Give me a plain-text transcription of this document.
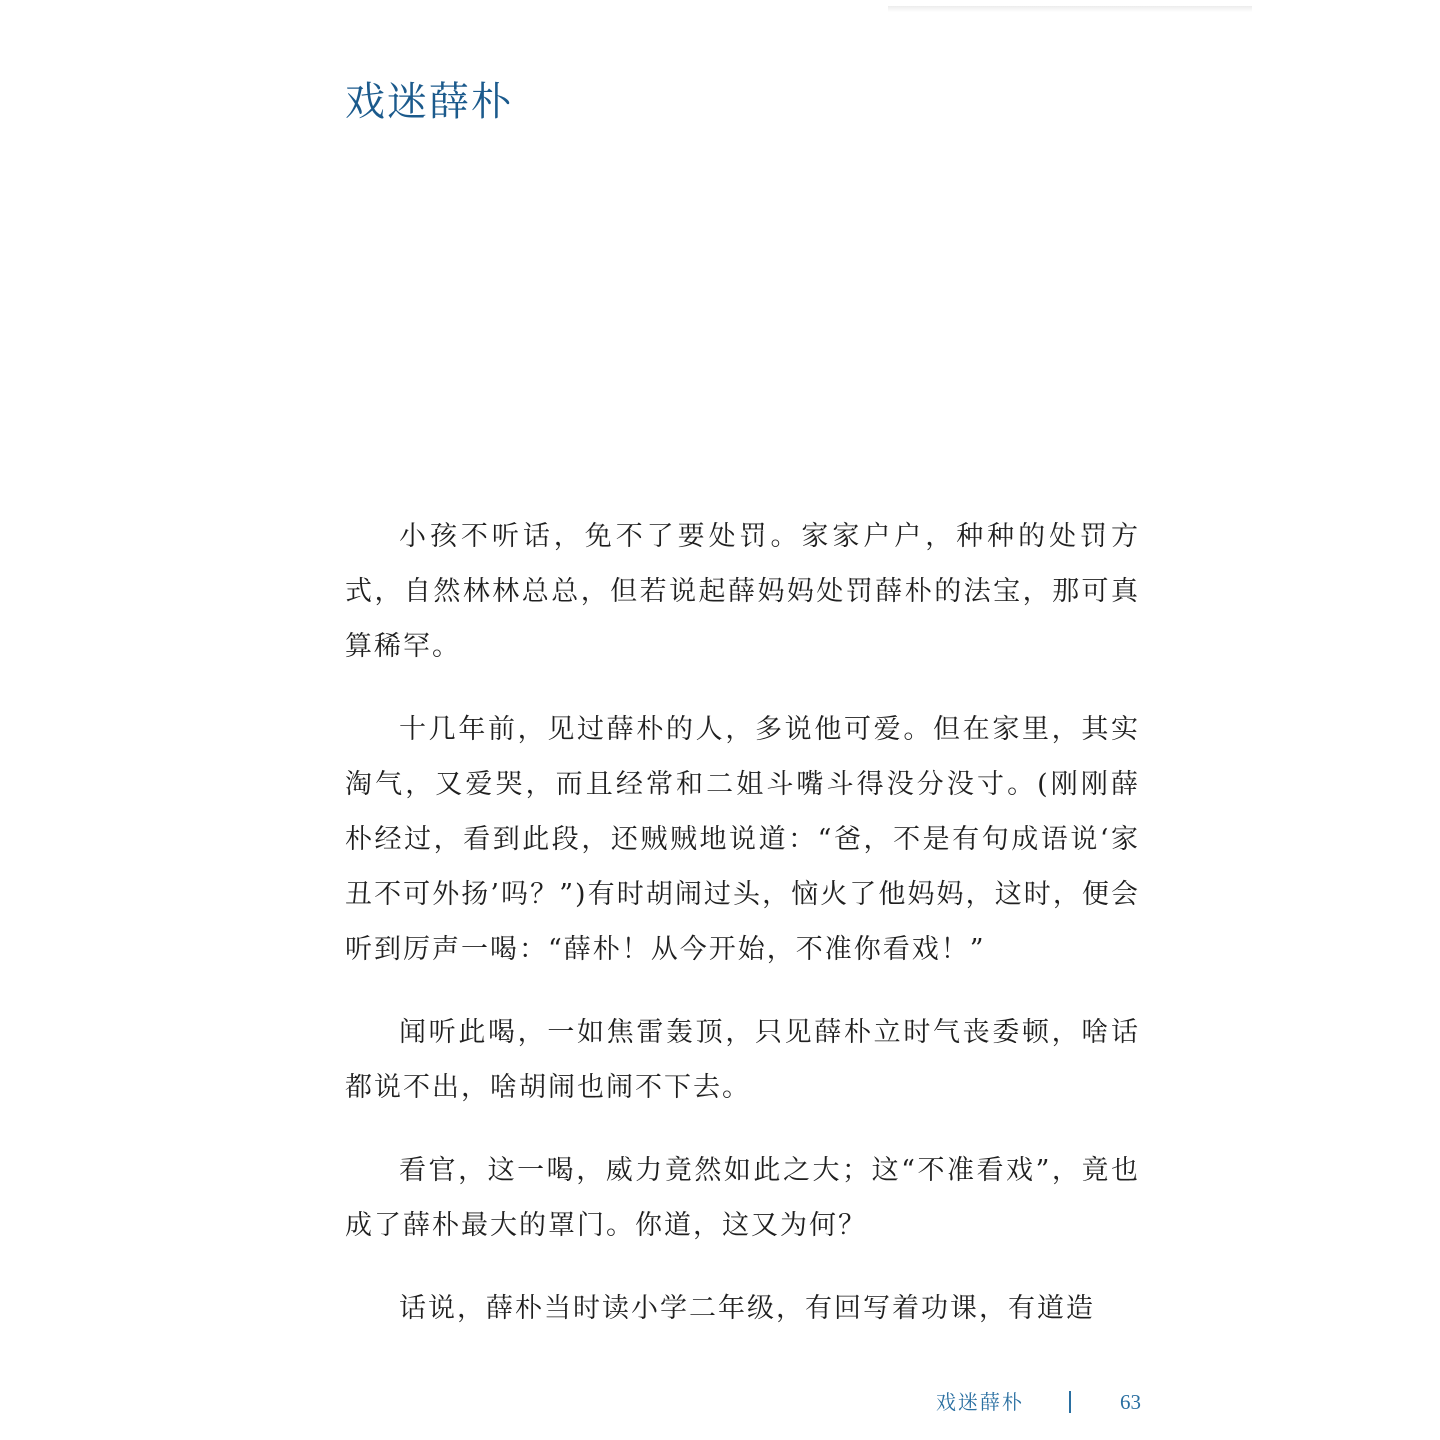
戏迷薛朴

小孩不听话，免不了要处罚。家家户户，种种的处罚方式，自然林林总总，但若说起薛妈妈处罚薛朴的法宝，那可真算稀罕。

十几年前，见过薛朴的人，多说他可爱。但在家里，其实淘气，又爱哭，而且经常和二姐斗嘴斗得没分没寸。(刚刚薛朴经过，看到此段，还贼贼地说道：“爸，不是有句成语说‘家丑不可外扬’吗？”)有时胡闹过头，恼火了他妈妈，这时，便会听到厉声一喝：“薛朴！从今开始，不准你看戏！”

闻听此喝，一如焦雷轰顶，只见薛朴立时气丧委顿，啥话都说不出，啥胡闹也闹不下去。

看官，这一喝，威力竟然如此之大；这“不准看戏”，竟也成了薛朴最大的罩门。你道，这又为何？

话说，薛朴当时读小学二年级，有回写着功课，有道造

戏迷薛朴	63
